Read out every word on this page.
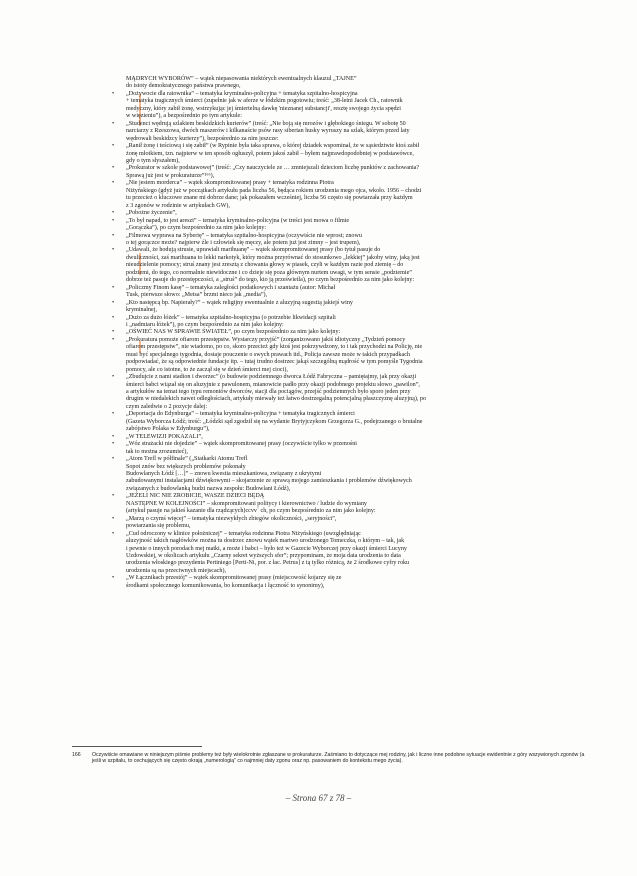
MĄDRYCH WYBORÓW” – wątek niepasowania niektórych ewentualnych klauzul „TAJNE”
do istoty demokratycznego państwa prawnego,
• „Dożywocie dla ratownika” – tematyka kryminalno-policyjna + tematyka szpitalno-hospicyjna
+ tematyka tragicznych śmierci (zupełnie jak w aferze w łódzkim pogotowiu; treść: „38-letni Jacek Ch., ratownik
medyczny, który zabił żonę, wstrzykując jej śmiertelną dawkę 'nieznanej substancji', resztę swojego życia spędzi
w więzieniu”), a bezpośrednio po tym artykule:
• „Studenci wędrują szlakiem beskidzkich kurierów” (treść: „Nie boją się mrozów i głębokiego śniegu. W sobotę 50
narciarzy z Rzeszowa, dwóch maszerów i kilkanaście psów rasy siberian husky wyruszy na szlak, którym przed laty
wędrowali beskidzcy kurierzy”), bezpośrednio za nim jeszcze:
• „Ranił żonę i teściową i się zabił” (w Rypinie była taka sprawa, o której dziadek wspominał, że w sąsiedztwie ktoś zabił
żonę młotkiem, tzn. najpierw w ten sposób ogłuszył, potem jakoś zabił – byłem najprawdopodobniej w podstawówce,
gdy o tym słyszałem),
• „Prokurator w szkole podstawowej” (treść: „Czy nauczyciele ze … zmniejszali dzieciom liczbę punktów z zachowania?
Sprawą już jest w prokuraturze”¹⁶⁶),
• „Nie jestem morderca” – wątek skompromitowanej prasy + tematyka rodzinna Piotra
Niżyńskiego (gdyż już w początkach artykułu pada liczba 56, będąca rokiem urodzenia mego ojca, wkoło. 1956 – chodzi
tu przecież o kluczowe znane mi dobrze dane; jak pokazałem wcześniej, liczba 56 często się powtarzała przy każdym
z 3 zgonów w rodzinie w artykułach GW),
• „Pobożne życzenie”,
• „To był napad, to jest areszt” – tematyka kryminalno-policyjna (w treści jest mowa o filmie
„Gorączka”), po czym bezpośrednio za nim jako kolejny:
• „Filmowa wyprawa na Syberię” – tematyka szpitalno-hospicyjna (oczywiście nie wprost; znowu
o tej gorączce może? najpierw źle i człowiek się męczy, ale potem już jest zimny – jest trupem),
• „Udawali, że hodują strusie, uprawiali marihuanę” – wątek skompromitowanej prasy (bo tytuł pasuje do
dwuliczności, zaś marihuana to lekki narkotyk, który można przyrównać do stosunkowo „lekkiej” jakoby winy, jaką jest
nieudzielenie pomocy; struś znany jest zresztą z chowania głowy w piasek, czyli w każdym razie pod ziemię – do
podziemi, do tego, co normalnie niewidoczne i co dzieje się poza głównym nurtem uwagi, w tym sensie „podziemie”
dobrze też pasuje do przestępczości, a „struś” do tego, kto ją prześwietla), po czym bezpośrednio za nim jako kolejny:
• „Policzmy Finom kasę” – tematyka zaległości podatkowych i szantażu (autor: Michał
Tusk, pierwsze słowo: „Metsa” brzmi nieco jak „media”),
• „Kto następcą bp. Napierały?” – wątek religijny ewentualnie z aluzyjną sugestią jakiejś winy
kryminalnej,
• „Dużo za dużo łóżek” – tematyka szpitalno-hospicyjna (o potrzebie likwidacji szpitali
i „nadmiaru łóżek”), po czym bezpośrednio za nim jako kolejny:
• „OŚWIEĆ NAS W SPRAWIE ŚWIATEŁ”, po czym bezpośrednio za nim jako kolejny:
• „Prokuratura pomoże ofiarom przestępstw. Wystarczy przyjść” (zorganizowano jakiś idiotyczny „Tydzień pomocy
ofiarom przestępstw”, nie wiadomo, po co, skoro przecież gdy ktoś jest pokrzywdzony, to i tak przychodzi na Policję, nie
musi być specjalnego tygodnia, dostaje pouczenie o swych prawach itd., Policja zawsze może w takich przypadkach
podpowiadać, że są odpowiednie fundacje itp. – tutaj trudno dostrzec jakąś szczególną mądrość w tym pomyśle Tygodnia
pomocy, ale co istotne, to że zaczął się w dzień śmierci mej cioci),
• „Zbudujcie z nami stadion i dworzec” (o budowie podziemnego dworca Łódź Fabryczna – pamiętajmy, jak przy okazji
śmierci babci wiązał się on aluzyjnie z pawulonem, mianowicie padło przy okazji podobnego projektu słowo „pawilon”,
a artykułów na temat tego typu remontów dworców, stacji dla pociągów, przejść podziemnych było sporo jeden przy
drugim w niedalekich nawet odległościach, artykuły miewały też łatwo dostrzegalną potencjalną płaszczyznę aluzyjną), po
czym zaledwie o 2 pozycje dalej:
• „Deportacja do Edynburga” – tematyka kryminalno-policyjna + tematyka tragicznych śmierci
(Gazeta Wyborcza Łódź; treść: „Łódzki sąd zgodził się na wydanie Brytyjczykom Grzegorza G., podejrzanego o brutalne
zabójstwo Polaka w Edynburgu”),
• „W TELEWIZJI POKAZALI”,
• „Wóz strażacki nie dojedzie” – wątek skompromitowanej prasy (oczywiście tylko w przenośni
tak to można zrozumieć),
• „Atom Trefl w półfinale” („Siatkarki Atomu Trefl
Sopot znów bez większych problemów pokonały
Budowlanych Łódź […]” – znowu kwestia mieszkaniowa, związany z ukrytymi
zabudowanymi instalacjami dźwiękowymi – skojarzenie ze sprawą mojego zamieszkania i problemów dźwiękowych
związanych z budowlanką budzi nazwa zespołu: Budowlani Łódź),
• „JEŻELI NIC NIE ZROBICIE, WASZE DZIECI BĘDĄ
NASTĘPNE W KOLEJNOŚCI” – skompromitowani politycy i kierownictwo / ludzie do wymiany
(artykuł pasuje na jakieś kazanie dla rządzących)ccvv` ch, po czym bezpośrednio za nim jako kolejny:
• „Marzą o czymś więcej” – tematyka niezwykłych zbiegów okoliczności, „seryjności”,
powtarzania się problemu,
• „Cud odroczony w klinice położniczej” – tematyka rodzinna Piotra Niżyńskiego (uwzględniając
aluzyjność takich nagłówków można tu dostrzec znowu wątek martwo urodzonego Tomeczka, o którym – tak, jak
i pewnie o innych porodach mej matki, a może i babci – było też w Gazecie Wyborczej przy okazji śmierci Lucyny
Uzdowskiej, w okolicach artykułu „Czarny sekret wyższych sfer”; przypominam, że moja data urodzenia to data
urodzenia włoskiego prezydenta Pertiniego [Perti-Ni, por. z łac. Petrus] z tą tylko różnicą, że 2 środkowe cyfry roku
urodzenia są na przeciwnych miejscach),
• „W Łącznikach przestój” – wątek skompromitowanej prasy (miejscowość kojarzy się ze
środkami społecznego komunikowania, bo komunikacja i łączność to synonimy),
166 Oczywiście omawiane w niniejszym piśmie problemy też były wielokrotnie zgłaszane w prokuraturze. Zaśmiano to dotyczące mej rodziny, jak i liczne inne podobne sytuacje ewidentnie z góry wszywionych zgonów (a jeśli w szpitalu, to cechujących się często okrają „numerologią” co najmniej daty zgonu oraz np. pasowaniem do kontekstu mego życia).
– Strona 67 z 78 –
